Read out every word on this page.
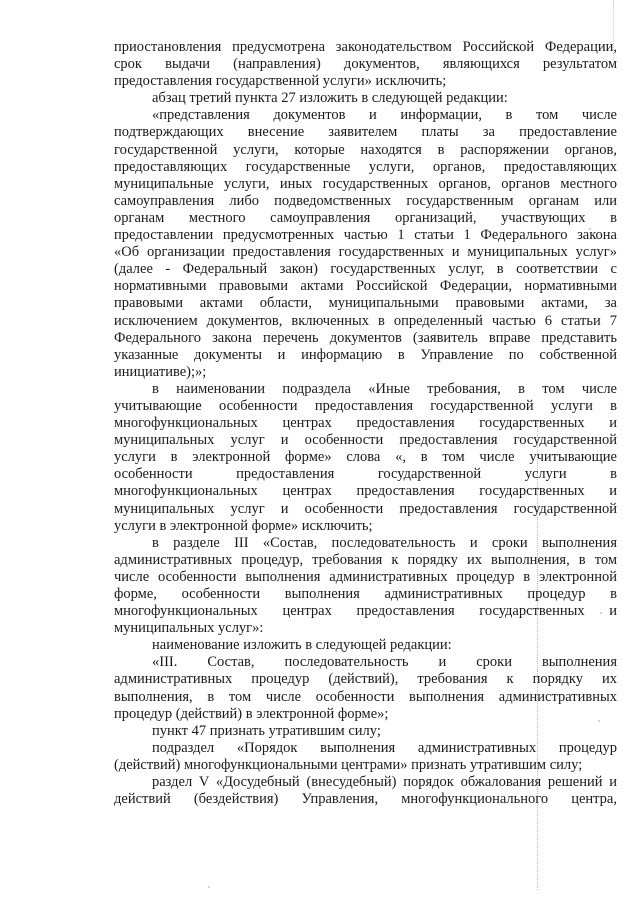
приостановления предусмотрена законодательством Российской Федерации,
срок выдачи (направления) документов, являющихся результатом
предоставления государственной услуги» исключить;
абзац третий пункта 27 изложить в следующей редакции:
«представления документов и информации, в том числе
подтверждающих внесение заявителем платы за предоставление
государственной услуги, которые находятся в распоряжении органов,
предоставляющих государственные услуги, органов, предоставляющих
муниципальные услуги, иных государственных органов, органов местного
самоуправления либо подведомственных государственным органам или
органам местного самоуправления организаций, участвующих в
предоставлении предусмотренных частью 1 статьи 1 Федерального закона
«Об организации предоставления государственных и муниципальных услуг»
(далее - Федеральный закон) государственных услуг, в соответствии с
нормативными правовыми актами Российской Федерации, нормативными
правовыми актами области, муниципальными правовыми актами, за
исключением документов, включенных в определенный частью 6 статьи 7
Федерального закона перечень документов (заявитель вправе представить
указанные документы и информацию в Управление по собственной
инициативе);»;
в наименовании подраздела «Иные требования, в том числе
учитывающие особенности предоставления государственной услуги в
многофункциональных центрах предоставления государственных и
муниципальных услуг и особенности предоставления государственной
услуги в электронной форме» слова «, в том числе учитывающие
особенности предоставления государственной услуги в
многофункциональных центрах предоставления государственных и
муниципальных услуг и особенности предоставления государственной
услуги в электронной форме» исключить;
в разделе III «Состав, последовательность и сроки выполнения
административных процедур, требования к порядку их выполнения, в том
числе особенности выполнения административных процедур в электронной
форме, особенности выполнения административных процедур в
многофункциональных центрах предоставления государственных и
муниципальных услуг»:
наименование изложить в следующей редакции:
«III. Состав, последовательность и сроки выполнения
административных процедур (действий), требования к порядку их
выполнения, в том числе особенности выполнения административных
процедур (действий) в электронной форме»;
пункт 47 признать утратившим силу;
подраздел «Порядок выполнения административных процедур
(действий) многофункциональными центрами» признать утратившим силу;
раздел V «Досудебный (внесудебный) порядок обжалования решений и
действий (бездействия) Управления, многофункционального центра,
